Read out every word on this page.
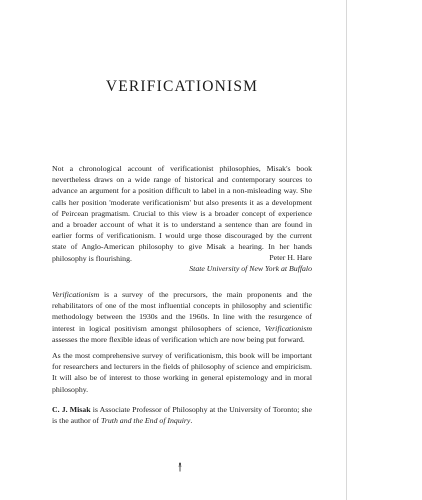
VERIFICATIONISM
Not a chronological account of verificationist philosophies, Misak's book nevertheless draws on a wide range of historical and contemporary sources to advance an argument for a position difficult to label in a non-misleading way. She calls her position 'moderate verificationism' but also presents it as a development of Peircean pragmatism. Crucial to this view is a broader concept of experience and a broader account of what it is to understand a sentence than are found in earlier forms of verificationism. I would urge those discouraged by the current state of Anglo-American philosophy to give Misak a hearing. In her hands philosophy is flourishing.	Peter H. Hare
State University of New York at Buffalo
Verificationism is a survey of the precursors, the main proponents and the rehabilitators of one of the most influential concepts in philosophy and scientific methodology between the 1930s and the 1960s. In line with the resurgence of interest in logical positivism amongst philosophers of science, Verificationism assesses the more flexible ideas of verification which are now being put forward.
As the most comprehensive survey of verificationism, this book will be important for researchers and lecturers in the fields of philosophy of science and empiricism. It will also be of interest to those working in general epistemology and in moral philosophy.
C. J. Misak is Associate Professor of Philosophy at the University of Toronto; she is the author of Truth and the End of Inquiry.
